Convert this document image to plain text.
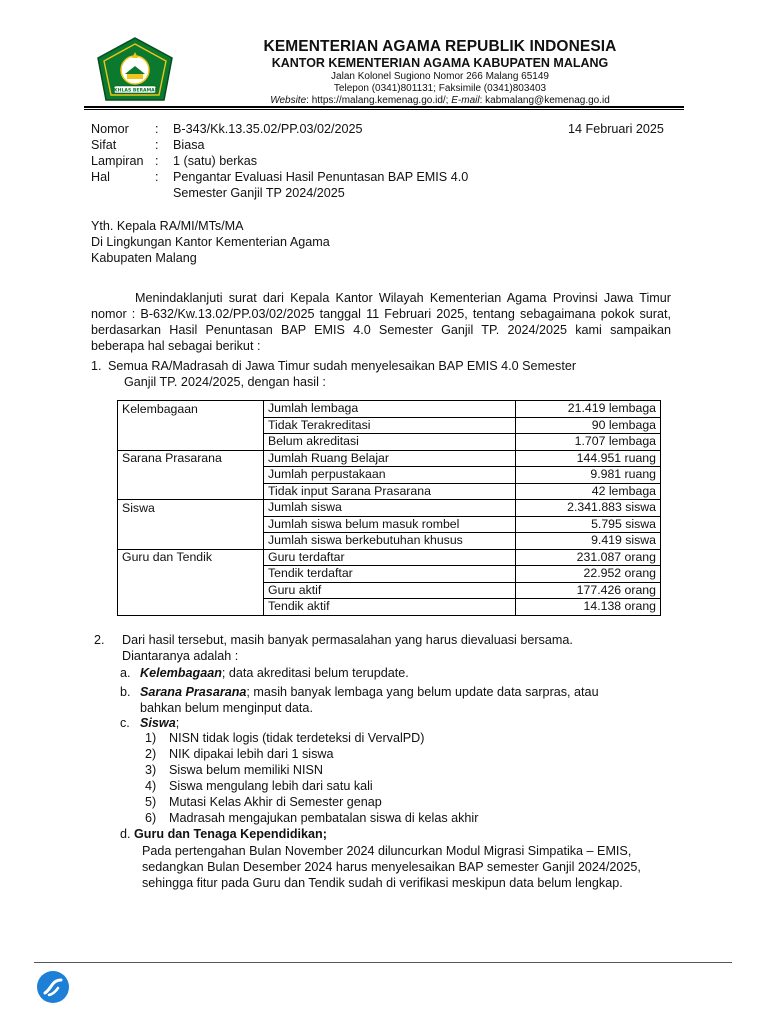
IKHLAS BERAMAL
KEMENTERIAN AGAMA REPUBLIK INDONESIA
KANTOR KEMENTERIAN AGAMA KABUPATEN MALANG
Jalan Kolonel Sugiono Nomor 266 Malang 65149
Telepon (0341)801131; Faksimile (0341)803403
Website: https://malang.kemenag.go.id/; E-mail: kabmalang@kemenag.go.id
Nomor	:	B-343/Kk.13.35.02/PP.03/02/2025
Sifat	:	Biasa
Lampiran :	1 (satu) berkas
Hal	:	Pengantar Evaluasi Hasil Penuntasan BAP EMIS 4.0
Semester Ganjil TP 2024/2025
14 Februari 2025
Yth. Kepala RA/MI/MTs/MA
Di Lingkungan Kantor Kementerian Agama
Kabupaten Malang
Menindaklanjuti surat dari Kepala Kantor Wilayah Kementerian Agama Provinsi Jawa Timur nomor : B-632/Kw.13.02/PP.03/02/2025 tanggal 11 Februari 2025, tentang sebagaimana pokok surat, berdasarkan Hasil Penuntasan BAP EMIS 4.0 Semester Ganjil TP. 2024/2025 kami sampaikan beberapa hal sebagai berikut :
1. Semua RA/Madrasah di Jawa Timur sudah menyelesaikan BAP EMIS 4.0 Semester
Ganjil TP. 2024/2025, dengan hasil :
Kelembagaan	Jumlah lembaga	21.419 lembaga
	Tidak Terakreditasi	90 lembaga
	Belum akreditasi	1.707 lembaga
Sarana Prasarana	Jumlah Ruang Belajar	144.951 ruang
	Jumlah perpustakaan	9.981 ruang
	Tidak input Sarana Prasarana	42 lembaga
Siswa	Jumlah siswa	2.341.883 siswa
	Jumlah siswa belum masuk rombel	5.795 siswa
	Jumlah siswa berkebutuhan khusus	9.419 siswa
Guru dan Tendik	Guru terdaftar	231.087 orang
	Tendik terdaftar	22.952 orang
	Guru aktif	177.426 orang
	Tendik aktif	14.138 orang
2. Dari hasil tersebut, masih banyak permasalahan yang harus dievaluasi bersama.
Diantaranya adalah :
a. Kelembagaan; data akreditasi belum terupdate.
b. Sarana Prasarana; masih banyak lembaga yang belum update data sarpras, atau
bahkan belum menginput data.
c. Siswa;
1) NISN tidak logis (tidak terdeteksi di VervalPD)
2) NIK dipakai lebih dari 1 siswa
3) Siswa belum memiliki NISN
4) Siswa mengulang lebih dari satu kali
5) Mutasi Kelas Akhir di Semester genap
6) Madrasah mengajukan pembatalan siswa di kelas akhir
d. Guru dan Tenaga Kependidikan;
Pada pertengahan Bulan November 2024 diluncurkan Modul Migrasi Simpatika – EMIS,
sedangkan Bulan Desember 2024 harus menyelesaikan BAP semester Ganjil 2024/2025,
sehingga fitur pada Guru dan Tendik sudah di verifikasi meskipun data belum lengkap.
